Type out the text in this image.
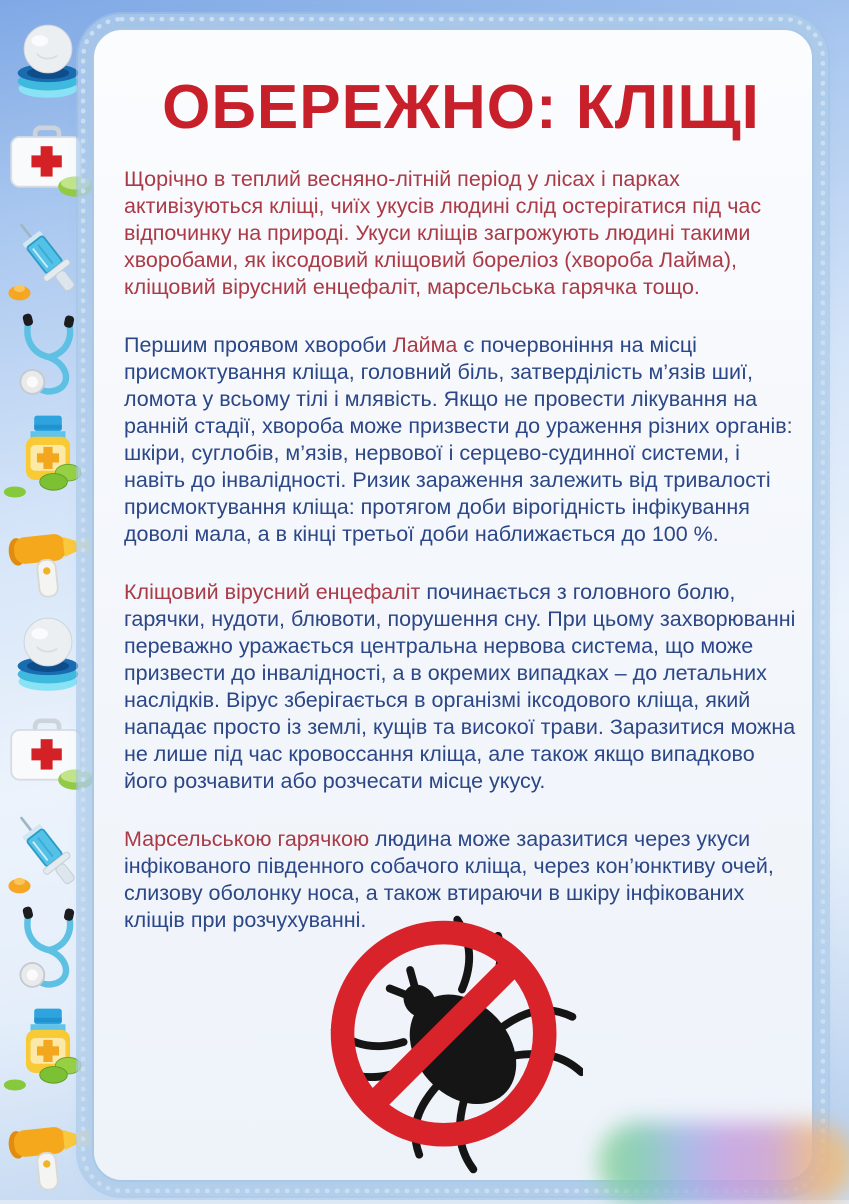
ОБЕРЕЖНО: КЛІЩІ

Щорічно в теплий весняно-літній період у лісах і парках активізуються кліщі, чиїх укусів людині слід остерігатися під час відпочинку на природі. Укуси кліщів загрожують людині такими хворобами, як іксодовий кліщовий бореліоз (хвороба Лайма), кліщовий вірусний енцефаліт, марсельська гарячка тощо.

Першим проявом хвороби Лайма є почервоніння на місці присмоктування кліща, головний біль, затверділість м’язів шиї, ломота у всьому тілі і млявість. Якщо не провести лікування на ранній стадії, хвороба може призвести до ураження різних органів: шкіри, суглобів, м’язів, нервової і серцево-судинної системи, і навіть до інвалідності. Ризик зараження залежить від тривалості присмоктування кліща: протягом доби вірогідність інфікування доволі мала, а в кінці третьої доби наближається до 100 %.

Кліщовий вірусний енцефаліт починається з головного болю, гарячки, нудоти, блювоти, порушення сну. При цьому захворюванні переважно уражається центральна нервова система, що може призвести до інвалідності, а в окремих випадках – до летальних наслідків. Вірус зберігається в організмі іксодового кліща, який нападає просто із землі, кущів та високої трави. Заразитися можна не лише під час кровоссання кліща, але також якщо випадково його розчавити або розчесати місце укусу.

Марсельською гарячкою людина може заразитися через укуси інфікованого південного собачого кліща, через кон’юнктиву очей, слизову оболонку носа, а також втираючи в шкіру інфікованих кліщів при розчухуванні.
